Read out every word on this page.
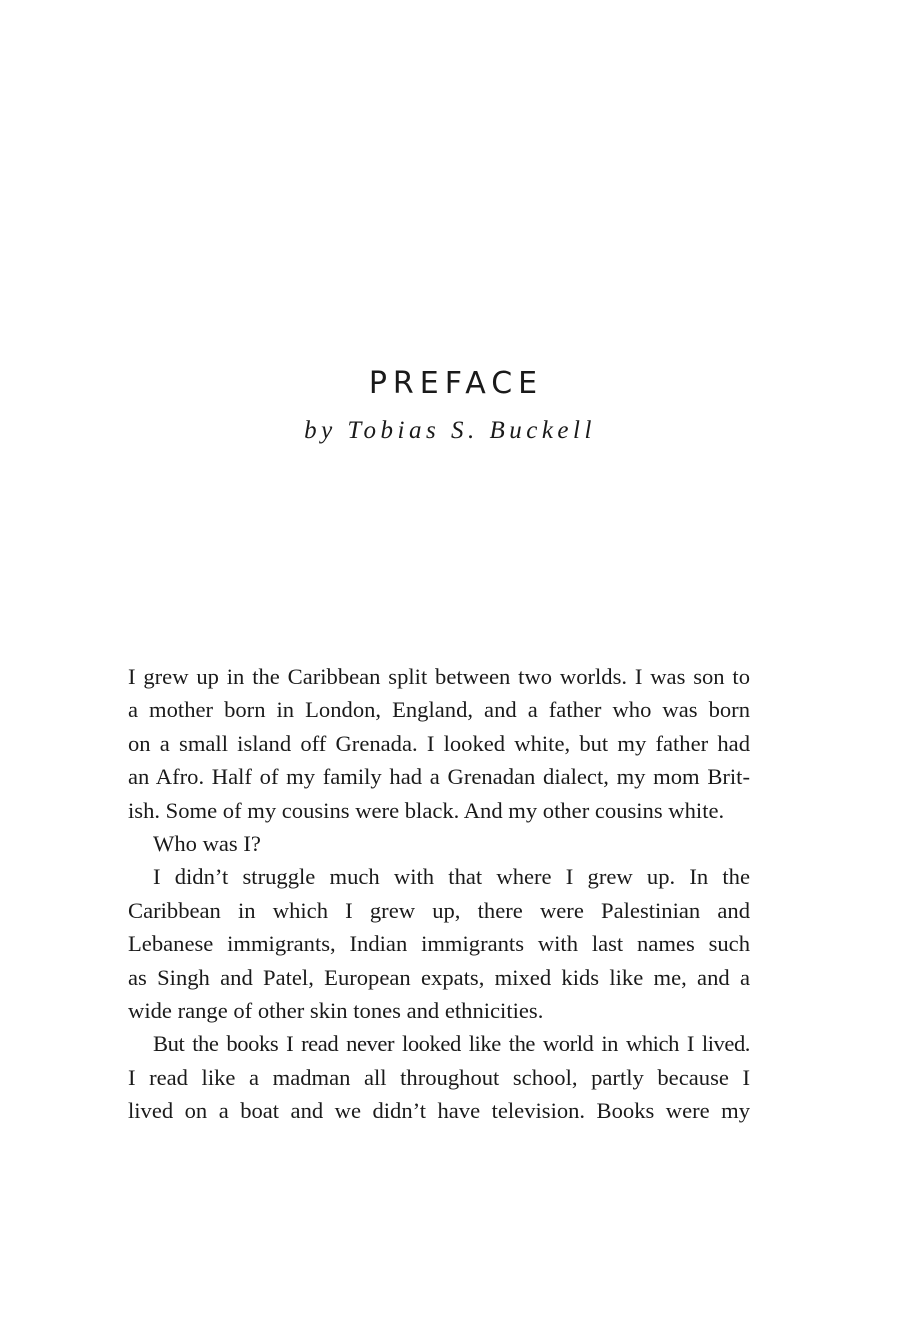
PREFACE

by Tobias S. Buckell

I grew up in the Caribbean split between two worlds. I was son to
a mother born in London, England, and a father who was born
on a small island off Grenada. I looked white, but my father had
an Afro. Half of my family had a Grenadan dialect, my mom Brit-
ish. Some of my cousins were black. And my other cousins white.
Who was I?
I didn’t struggle much with that where I grew up. In the
Caribbean in which I grew up, there were Palestinian and
Lebanese immigrants, Indian immigrants with last names such
as Singh and Patel, European expats, mixed kids like me, and a
wide range of other skin tones and ethnicities.
But the books I read never looked like the world in which I lived.
I read like a madman all throughout school, partly because I
lived on a boat and we didn’t have television. Books were my
